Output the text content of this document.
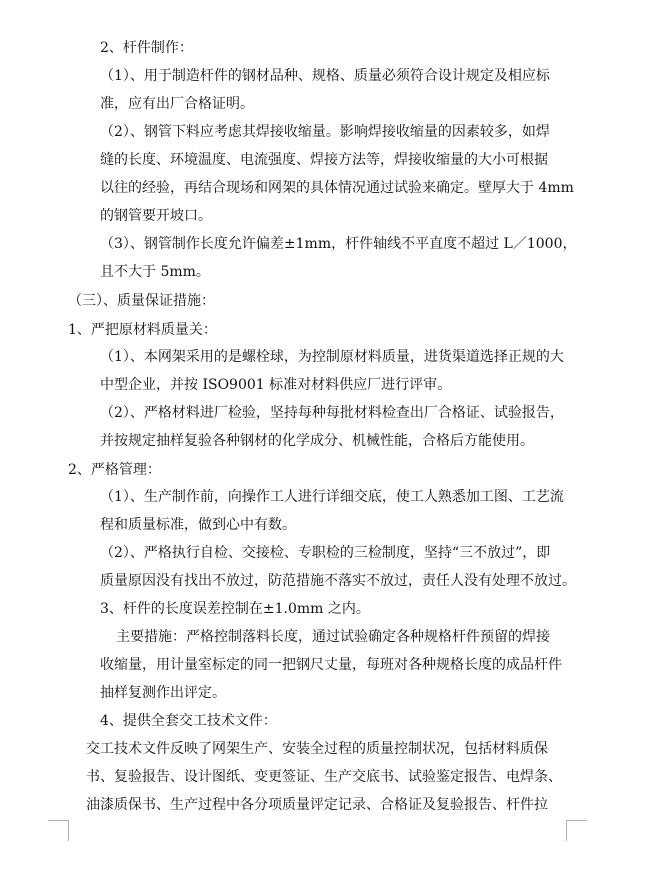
2、杆件制作：
（1）、用于制造杆件的钢材品种、规格、质量必须符合设计规定及相应标
准，应有出厂合格证明。
（2）、钢管下料应考虑其焊接收缩量。影响焊接收缩量的因素较多，如焊
缝的长度、环境温度、电流强度、焊接方法等，焊接收缩量的大小可根据
以往的经验，再结合现场和网架的具体情况通过试验来确定。壁厚大于 4mm
的钢管要开坡口。
（3）、钢管制作长度允许偏差±1mm，杆件轴线不平直度不超过 L／1000，
且不大于 5mm。
（三）、质量保证措施：
1、严把原材料质量关：
（1）、本网架采用的是螺栓球，为控制原材料质量，进货渠道选择正规的大
中型企业，并按 ISO9001 标准对材料供应厂进行评审。
（2）、严格材料进厂检验，坚持每种每批材料检查出厂合格证、试验报告，
并按规定抽样复验各种钢材的化学成分、机械性能，合格后方能使用。
2、严格管理：
（1）、生产制作前，向操作工人进行详细交底，使工人熟悉加工图、工艺流
程和质量标准，做到心中有数。
（2）、严格执行自检、交接检、专职检的三检制度，坚持“三不放过”，即
质量原因没有找出不放过，防范措施不落实不放过，责任人没有处理不放过。
3、杆件的长度误差控制在±1.0mm 之内。
主要措施：严格控制落料长度，通过试验确定各种规格杆件预留的焊接
收缩量，用计量室标定的同一把钢尺丈量，每班对各种规格长度的成品杆件
抽样复测作出评定。
4、提供全套交工技术文件：
交工技术文件反映了网架生产、安装全过程的质量控制状况，包括材料质保
书、复验报告、设计图纸、变更签证、生产交底书、试验鉴定报告、电焊条、
油漆质保书、生产过程中各分项质量评定记录、合格证及复验报告、杆件拉
